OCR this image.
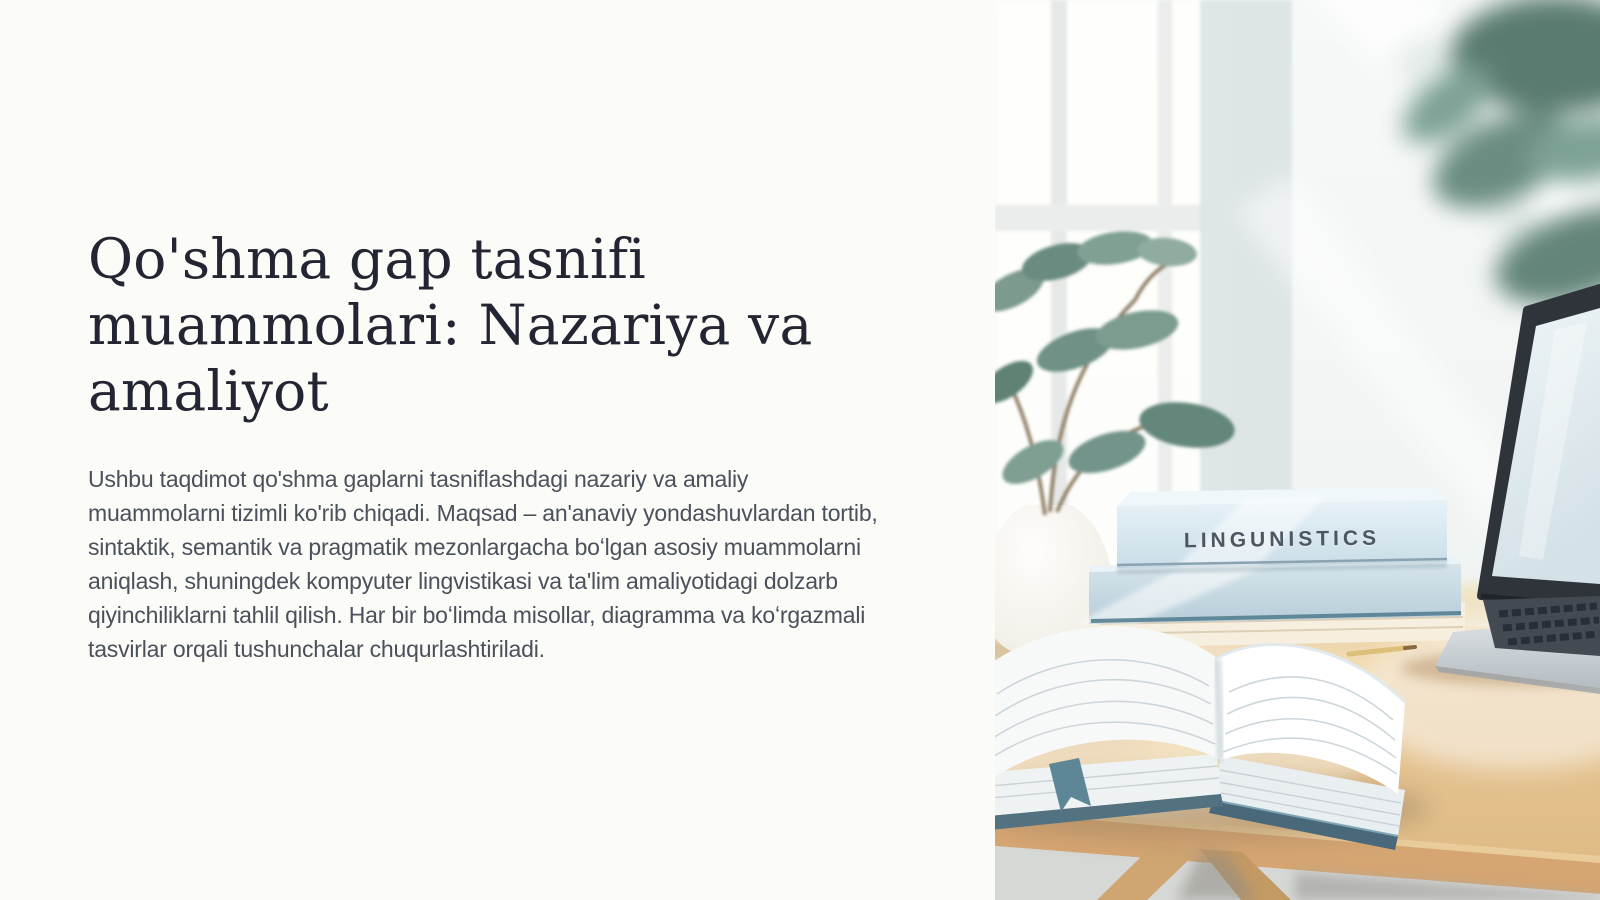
Qo'shma gap tasnifi
muammolari: Nazariya va
amaliyot

Ushbu taqdimot qo'shma gaplarni tasniflashdagi nazariy va amaliy muammolarni tizimli ko'rib chiqadi. Maqsad – an'anaviy yondashuvlardan tortib, sintaktik, semantik va pragmatik mezonlargacha boʻlgan asosiy muammolarni aniqlash, shuningdek kompyuter lingvistikasi va ta'lim amaliyotidagi dolzarb qiyinchiliklarni tahlil qilish. Har bir boʻlimda misollar, diagramma va koʻrgazmali tasvirlar orqali tushunchalar chuqurlashtiriladi.

LINGUNISTICS
